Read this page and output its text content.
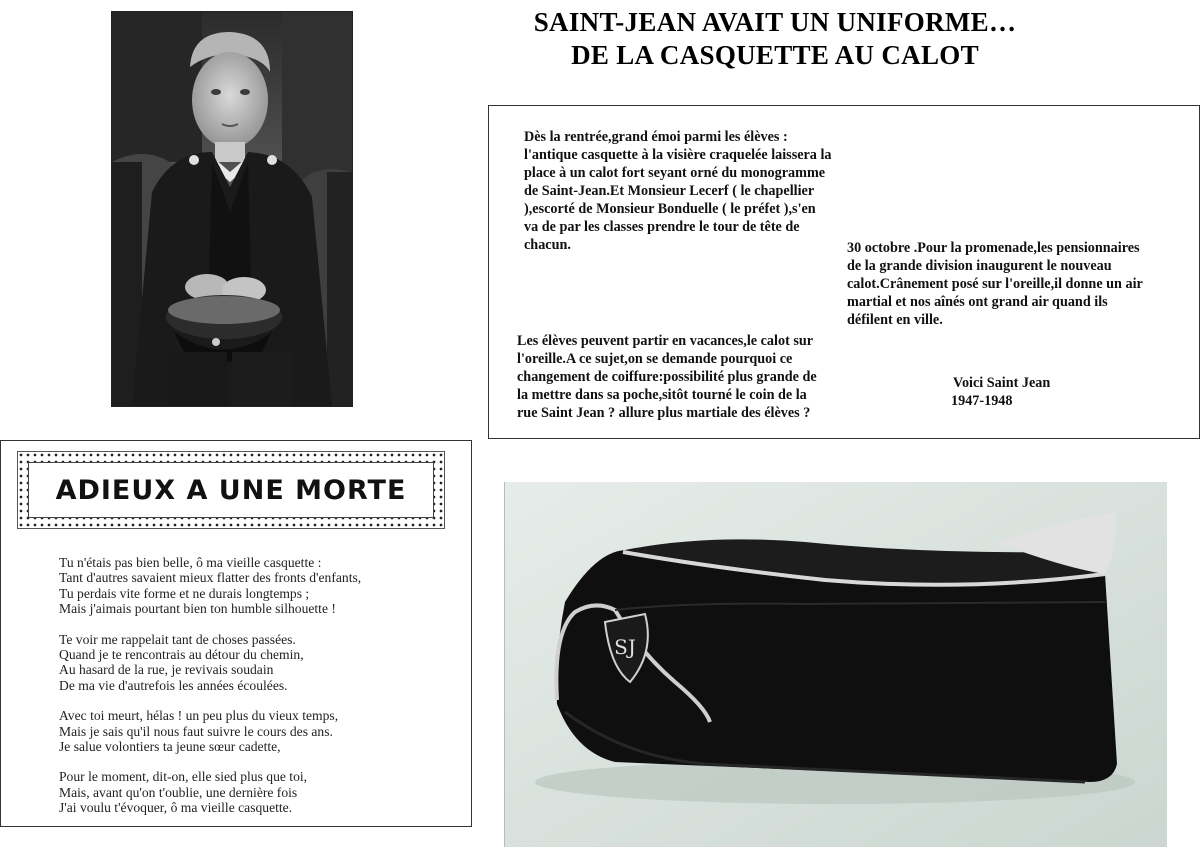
SAINT-JEAN AVAIT UN UNIFORME…
DE LA CASQUETTE AU CALOT

Dès la rentrée,grand émoi parmi les élèves :

l'antique casquette à la visière craquelée laissera la

place à un calot fort seyant orné du monogramme

de Saint-Jean.Et Monsieur Lecerf ( le chapellier

),escorté de Monsieur Bonduelle ( le préfet ),s'en

va de par les classes prendre le tour de tête de

chacun.	30 octobre .Pour la promenade,les pensionnaires

de la grande division inaugurent le nouveau

calot.Crânement posé sur l'oreille,il donne un air

martial et nos aînés ont grand air quand ils

défilent en ville.

Les élèves peuvent partir en vacances,le calot sur

l'oreille.A ce sujet,on se demande pourquoi ce

changement de coiffure:possibilité plus grande de

la mettre dans sa poche,sitôt tourné le coin de la

rue Saint Jean ? allure plus martiale des élèves ?

Voici Saint Jean

1947-1948

ADIEUX A UNE MORTE
Tu n'étais pas bien belle, ô ma vieille casquette :
Tant d'autres savaient mieux flatter des fronts d'enfants,
Tu perdais vite forme et ne durais longtemps ;
Mais j'aimais pourtant bien ton humble silhouette !
Te voir me rappelait tant de choses passées.
Quand je te rencontrais au détour du chemin,
Au hasard de la rue, je revivais soudain
De ma vie d'autrefois les années écoulées.
Avec toi meurt, hélas ! un peu plus du vieux temps,
Mais je sais qu'il nous faut suivre le cours des ans.
Je salue volontiers ta jeune sœur cadette,
Pour le moment, dit-on, elle sied plus que toi,
Mais, avant qu'on t'oublie, une dernière fois
J'ai voulu t'évoquer, ô ma vieille casquette.
SJ
